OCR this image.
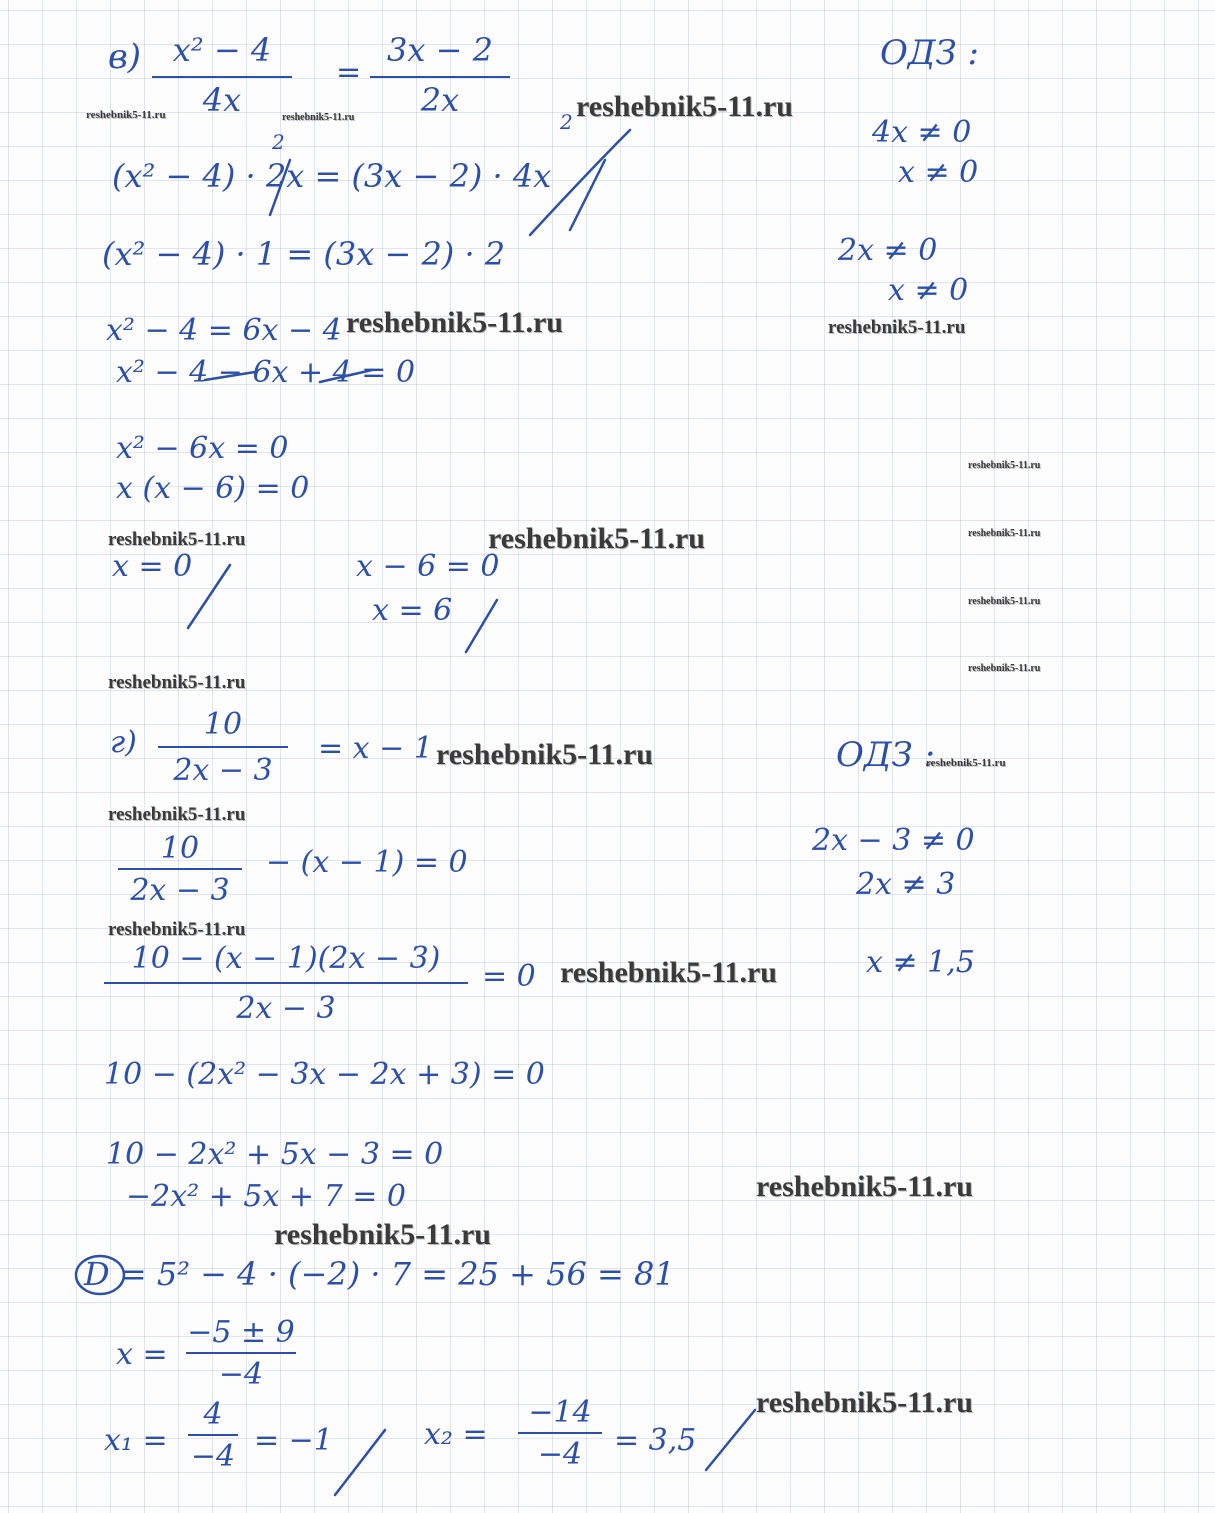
в) x² − 4
4x
=
3x − 2
2x
ОДЗ :
4x ≠ 0
x ≠ 0
2x ≠ 0
x ≠ 0
2
2
(x² − 4) · 2x = (3x − 2) · 4x
(x² − 4) · 1 = (3x − 2) · 2
x² − 4 = 6x − 4
x² − 4 − 6x + 4 = 0
x² − 6x = 0
x (x − 6) = 0
x = 0	x − 6 = 0
x = 6
г)
10
2x − 3
= x − 1	ОДЗ :
2x − 3 ≠ 0
2x ≠ 3
x ≠ 1,5
10
2x − 3
− (x − 1) = 0
10 − (x − 1)(2x − 3)
2x − 3
= 0
10 − (2x² − 3x − 2x + 3) = 0
10 − 2x² + 5x − 3 = 0
−2x² + 5x + 7 = 0
D = 5² − 4 · (−2) · 7 = 25 + 56 = 81
x =
−5 ± 9
−4
x₁ =
4
−4 = −1	x₂ =
−14
−4	= 3,5
reshebnik5-11.ru
reshebnik5-11.ru	reshebnik5-11.ru
reshebnik5-11.ru	reshebnik5-11.ru
reshebnik5-11.ru
reshebnik5-11.ru	reshebnik5-11.ru	reshebnik5-11.ru
reshebnik5-11.ru
reshebnik5-11.ru
reshebnik5-11.ru
reshebnik5-11.ru	reshebnik5-11.ru
reshebnik5-11.ru
reshebnik5-11.ru
reshebnik5-11.ru
reshebnik5-11.ru
reshebnik5-11.ru
reshebnik5-11.ru
